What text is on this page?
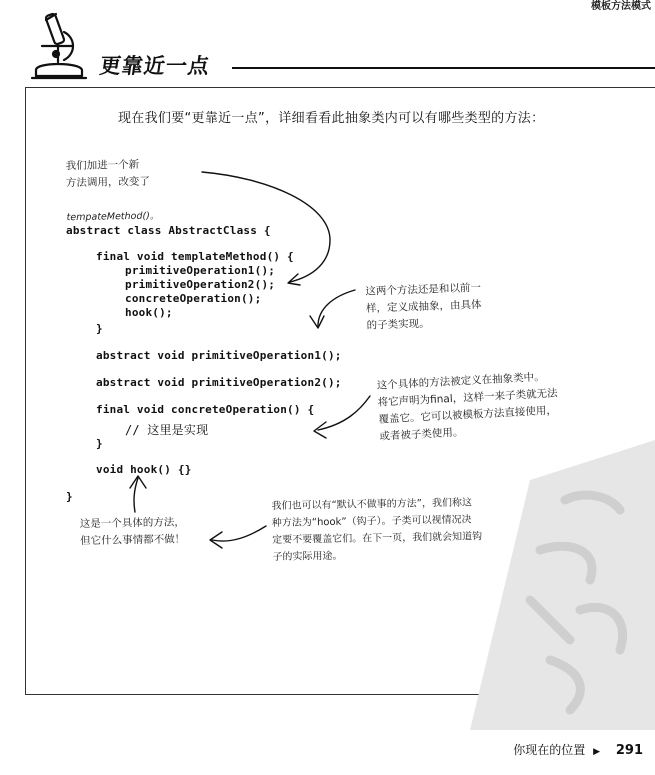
模板方法模式
更靠近一点
现在我们要“更靠近一点”，详细看看此抽象类内可以有哪些类型的方法：

我们加进一个新
方法调用，改变了

tempateMethod()。

abstract class AbstractClass {
final void templateMethod() {
primitiveOperation1();
primitiveOperation2();
concreteOperation();
hook();
}
abstract void primitiveOperation1();
abstract void primitiveOperation2();
final void concreteOperation() {
// 这里是实现
}
void hook() {}
}
这两个方法还是和以前一
样，定义成抽象，由具体
的子类实现。
这个具体的方法被定义在抽象类中。
将它声明为final，这样一来子类就无法
覆盖它。它可以被模板方法直接使用，
或者被子类使用。
我们也可以有“默认不做事的方法”，我们称这
种方法为“hook”（钩子）。子类可以视情况决
定要不要覆盖它们。在下一页，我们就会知道钩
子的实际用途。
这是一个具体的方法，
但它什么事情都不做！
你现在的位置 ▶ 291
